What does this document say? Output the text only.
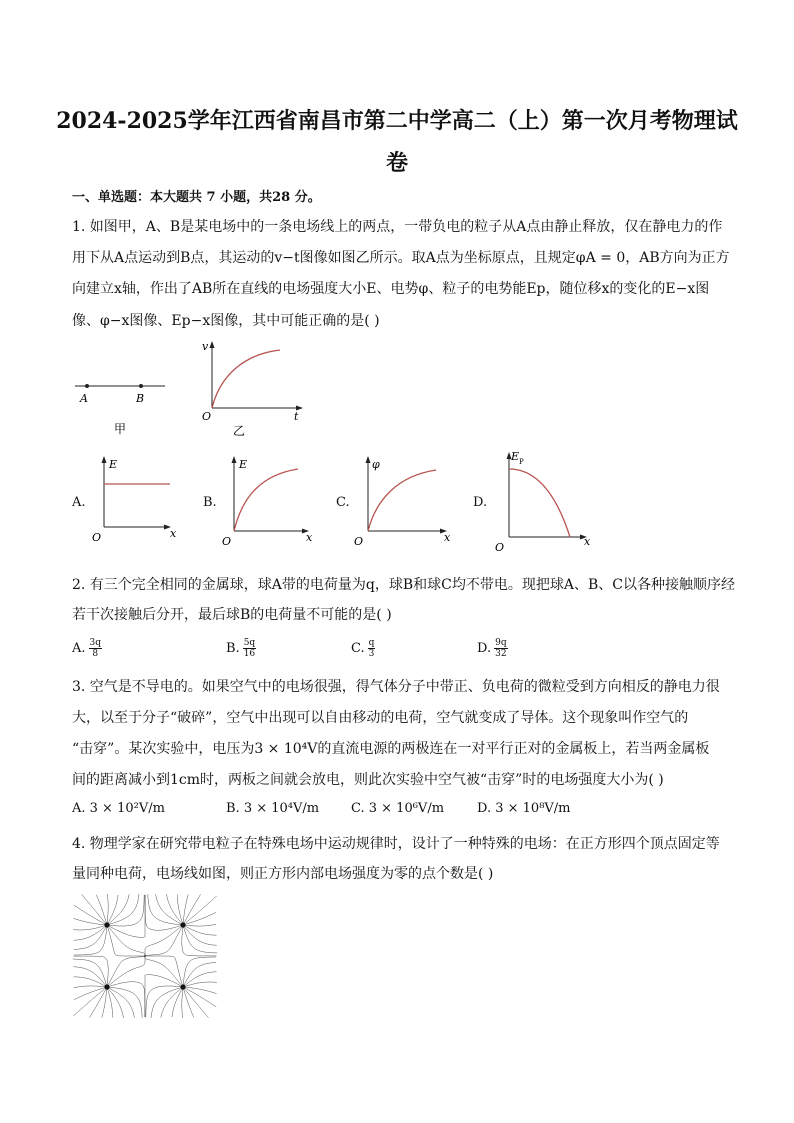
2024-2025学年江西省南昌市第二中学高二（上）第一次月考物理试
卷
一、单选题：本大题共 7 小题，共28 分。
1. 如图甲，A、B是某电场中的一条电场线上的两点，一带负电的粒子从A点由静止释放，仅在静电力的作
用下从A点运动到B点，其运动的v−t图像如图乙所示。取A点为坐标原点，且规定φA = 0，AB方向为正方
向建立x轴，作出了AB所在直线的电场强度大小E、电势φ、粒子的电势能Ep，随位移x的变化的E−x图
像、φ−x图像、Ep−x图像，其中可能正确的是( )
A	B
甲
v
O	t
乙
A.
E
O	x
B.
E
O	x
C.
φ
O	x
D.
E P
O	x
2. 有三个完全相同的金属球，球A带的电荷量为q，球B和球C均不带电。现把球A、B、C以各种接触顺序经
若干次接触后分开，最后球B的电荷量不可能的是( )
A. $\frac{3q}{8}$	B. $\frac{5q}{16}$	C. $\frac{q}{3}$	D. $\frac{9q}{32}$
3. 空气是不导电的。如果空气中的电场很强，得气体分子中带正、负电荷的微粒受到方向相反的静电力很
大，以至于分子“破碎”，空气中出现可以自由移动的电荷，空气就变成了导体。这个现象叫作空气的
“击穿”。某次实验中，电压为3 × 10⁴V的直流电源的两极连在一对平行正对的金属板上，若当两金属板
间的距离减小到1cm时，两板之间就会放电，则此次实验中空气被“击穿”时的电场强度大小为( )
A. 3 × 10²V/m	B. 3 × 10⁴V/m C. 3 × 10⁶V/m	D. 3 × 10⁸V/m
4. 物理学家在研究带电粒子在特殊电场中运动规律时，设计了一种特殊的电场：在正方形四个顶点固定等
量同种电荷，电场线如图，则正方形内部电场强度为零的点个数是( )
